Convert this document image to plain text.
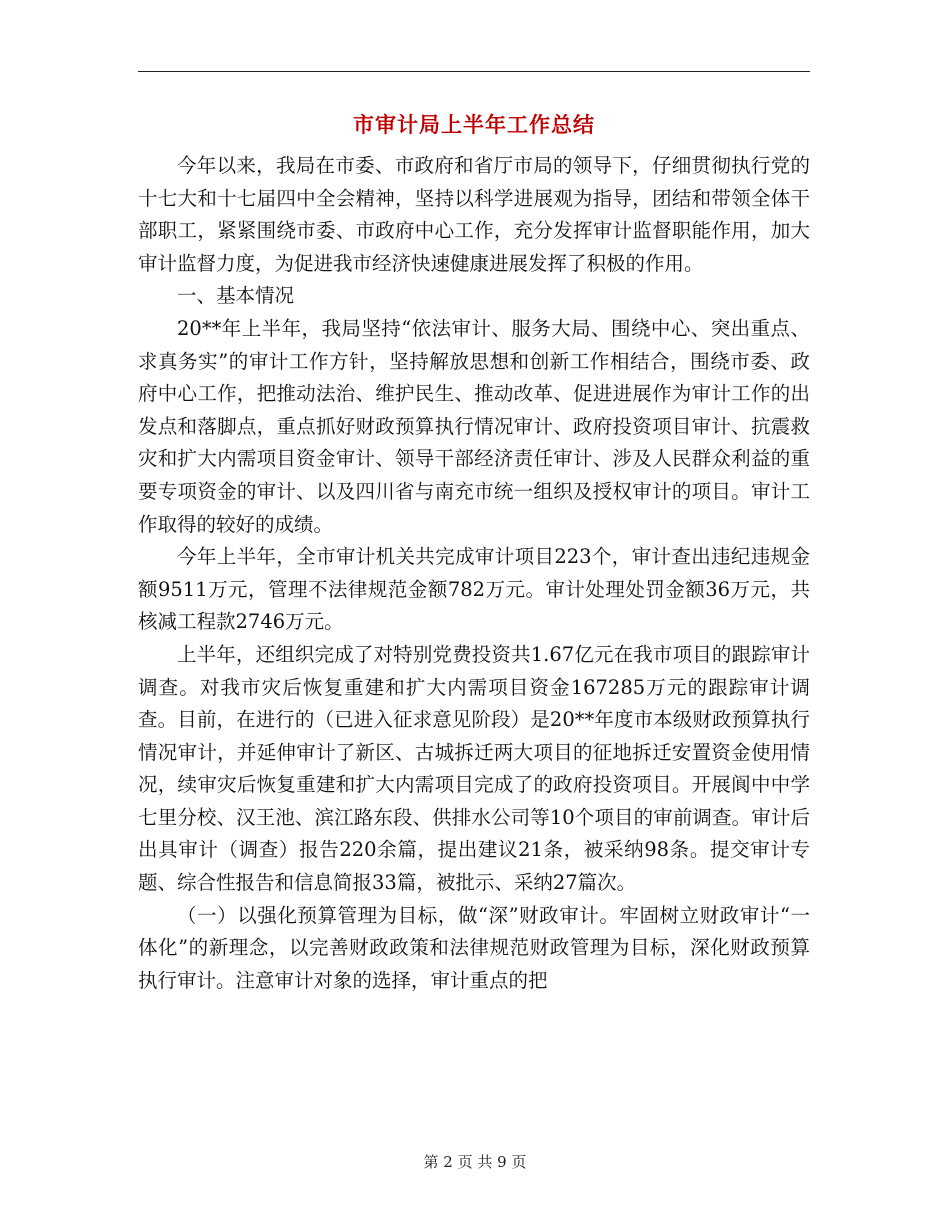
市审计局上半年工作总结

今年以来，我局在市委、市政府和省厅市局的领导下，仔细贯彻执行党的十七大和十七届四中全会精神，坚持以科学进展观为指导，团结和带领全体干部职工，紧紧围绕市委、市政府中心工作，充分发挥审计监督职能作用，加大审计监督力度，为促进我市经济快速健康进展发挥了积极的作用。

一、基本情况

20**年上半年，我局坚持“依法审计、服务大局、围绕中心、突出重点、求真务实”的审计工作方针，坚持解放思想和创新工作相结合，围绕市委、政府中心工作，把推动法治、维护民生、推动改革、促进进展作为审计工作的出发点和落脚点，重点抓好财政预算执行情况审计、政府投资项目审计、抗震救灾和扩大内需项目资金审计、领导干部经济责任审计、涉及人民群众利益的重要专项资金的审计、以及四川省与南充市统一组织及授权审计的项目。审计工作取得的较好的成绩。

今年上半年，全市审计机关共完成审计项目223个，审计查出违纪违规金额9511万元，管理不法律规范金额782万元。审计处理处罚金额36万元，共核减工程款2746万元。

上半年，还组织完成了对特别党费投资共1.67亿元在我市项目的跟踪审计调查。对我市灾后恢复重建和扩大内需项目资金167285万元的跟踪审计调查。目前，在进行的（已进入征求意见阶段）是20**年度市本级财政预算执行情况审计，并延伸审计了新区、古城拆迁两大项目的征地拆迁安置资金使用情况，续审灾后恢复重建和扩大内需项目完成了的政府投资项目。开展阆中中学七里分校、汉王池、滨江路东段、供排水公司等10个项目的审前调查。审计后出具审计（调查）报告220余篇，提出建议21条，被采纳98条。提交审计专题、综合性报告和信息简报33篇，被批示、采纳27篇次。

（一）以强化预算管理为目标，做“深”财政审计。牢固树立财政审计“一体化”的新理念，以完善财政政策和法律规范财政管理为目标，深化财政预算执行审计。注意审计对象的选择，审计重点的把

第 2 页 共 9 页
